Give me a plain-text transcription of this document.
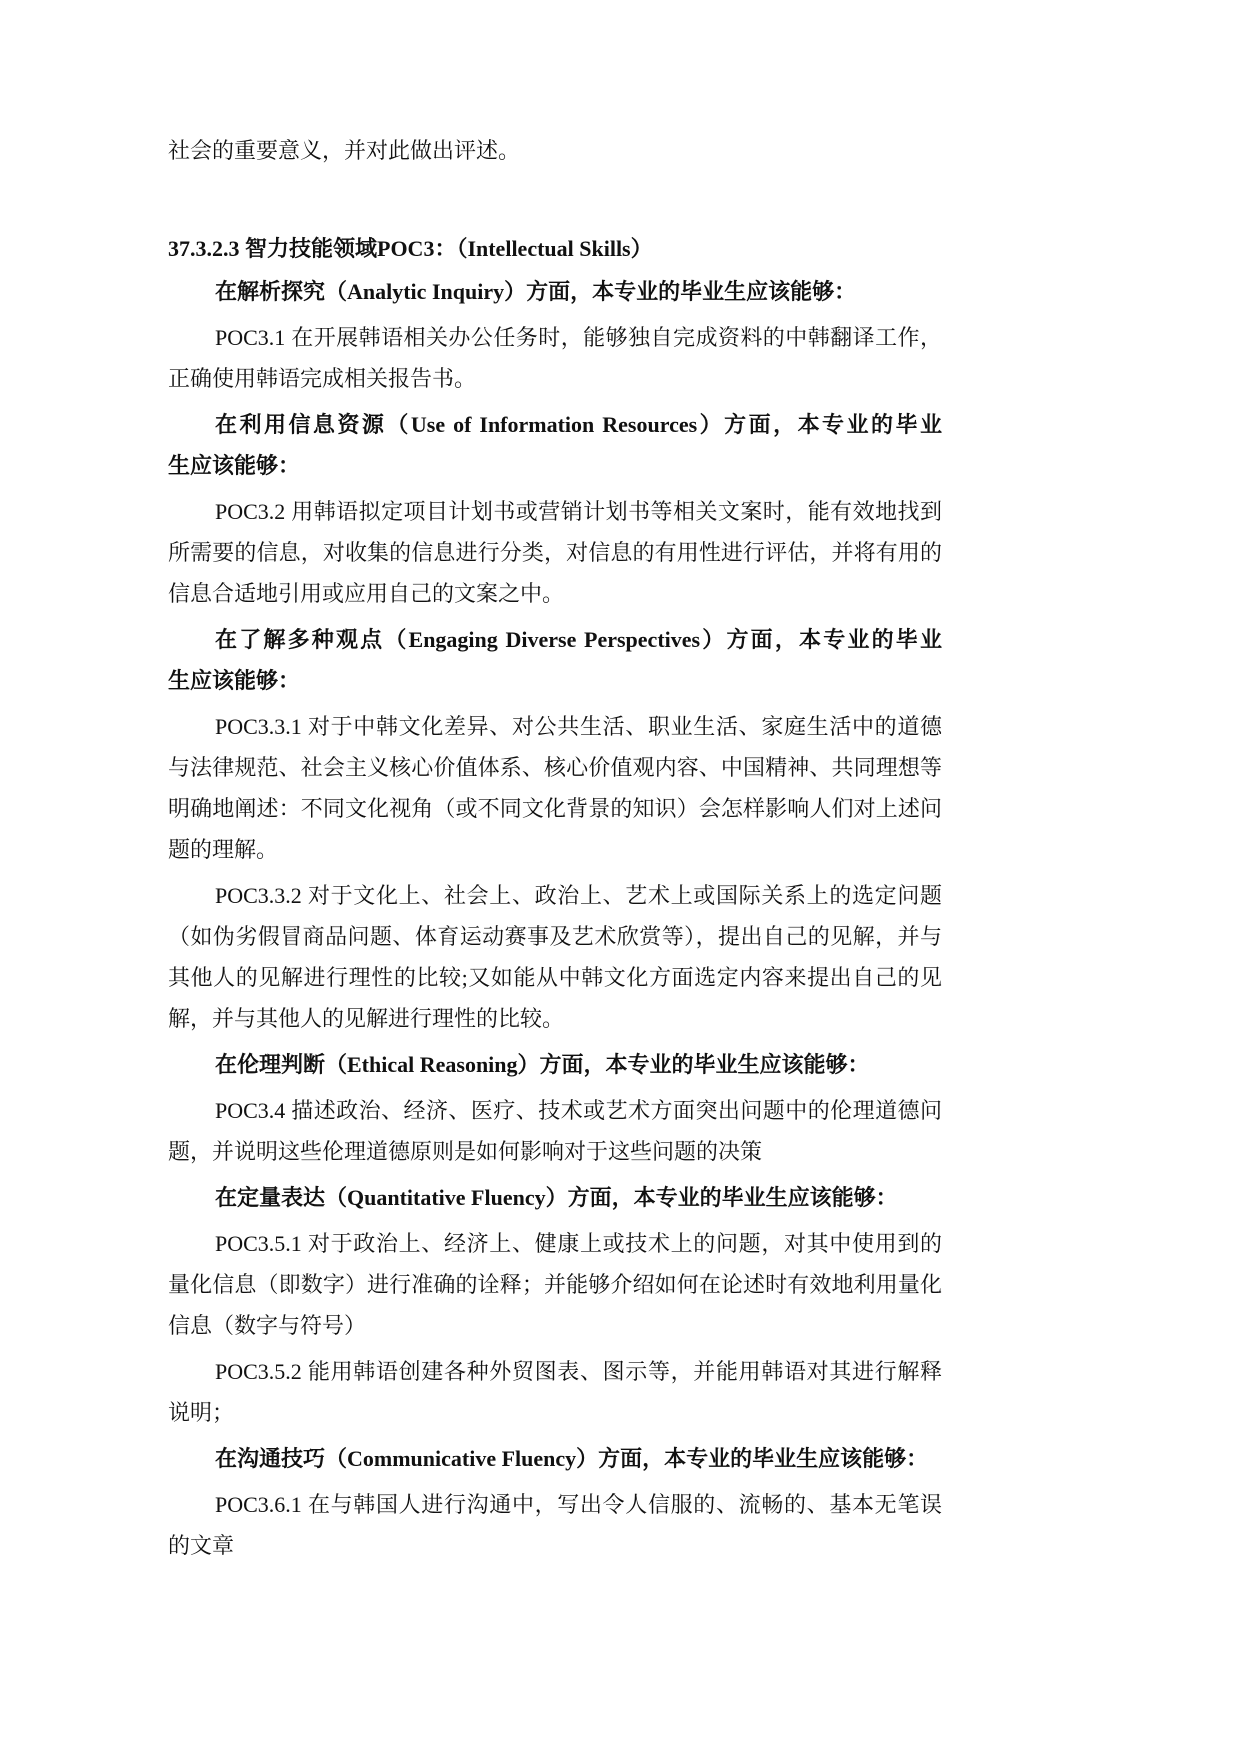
社会的重要意义，并对此做出评述。
37.3.2.3 智力技能领域POC3：（Intellectual Skills）
在解析探究（Analytic Inquiry）方面，本专业的毕业生应该能够：
POC3.1 在开展韩语相关办公任务时，能够独自完成资料的中韩翻译工作，
正确使用韩语完成相关报告书。
在利用信息资源（Use of Information Resources）方面，本专业的毕业
生应该能够：
POC3.2 用韩语拟定项目计划书或营销计划书等相关文案时，能有效地找到
所需要的信息，对收集的信息进行分类，对信息的有用性进行评估，并将有用的
信息合适地引用或应用自己的文案之中。
在了解多种观点（Engaging Diverse Perspectives）方面，本专业的毕业
生应该能够：
POC3.3.1 对于中韩文化差异、对公共生活、职业生活、家庭生活中的道德
与法律规范、社会主义核心价值体系、核心价值观内容、中国精神、共同理想等
明确地阐述：不同文化视角（或不同文化背景的知识）会怎样影响人们对上述问
题的理解。
POC3.3.2 对于文化上、社会上、政治上、艺术上或国际关系上的选定问题
（如伪劣假冒商品问题、体育运动赛事及艺术欣赏等），提出自己的见解，并与
其他人的见解进行理性的比较;又如能从中韩文化方面选定内容来提出自己的见
解，并与其他人的见解进行理性的比较。
在伦理判断（Ethical Reasoning）方面，本专业的毕业生应该能够：
POC3.4 描述政治、经济、医疗、技术或艺术方面突出问题中的伦理道德问
题，并说明这些伦理道德原则是如何影响对于这些问题的决策
在定量表达（Quantitative Fluency）方面，本专业的毕业生应该能够：
POC3.5.1 对于政治上、经济上、健康上或技术上的问题，对其中使用到的
量化信息（即数字）进行准确的诠释；并能够介绍如何在论述时有效地利用量化
信息（数字与符号）
POC3.5.2 能用韩语创建各种外贸图表、图示等，并能用韩语对其进行解释
说明；
在沟通技巧（Communicative Fluency）方面，本专业的毕业生应该能够：
POC3.6.1 在与韩国人进行沟通中，写出令人信服的、流畅的、基本无笔误
的文章
